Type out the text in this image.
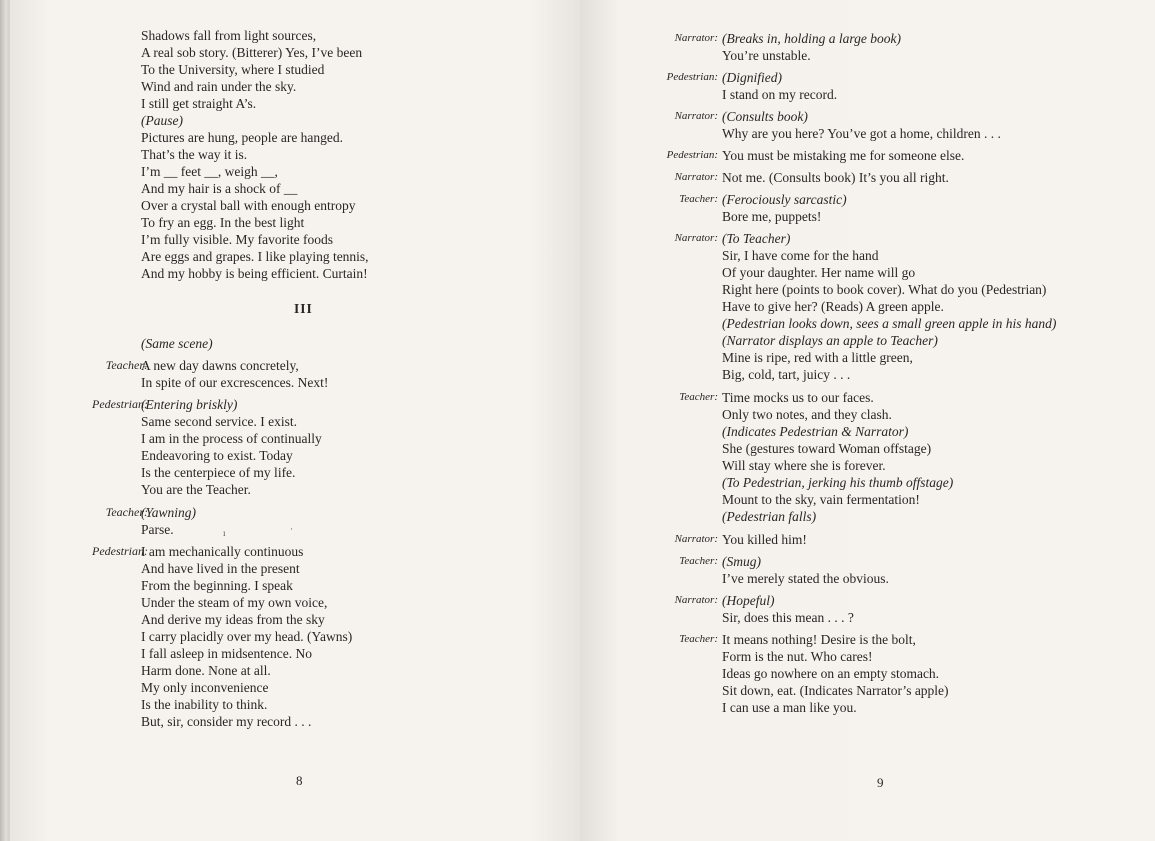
Shadows fall from light sources,
A real sob story. (Bitterer) Yes, I’ve been
To the University, where I studied
Wind and rain under the sky.
I still get straight A’s.
(Pause)
Pictures are hung, people are hanged.
That’s the way it is.
I’m __ feet __, weigh __,
And my hair is a shock of __
Over a crystal ball with enough entropy
To fry an egg. In the best light
I’m fully visible. My favorite foods
Are eggs and grapes. I like playing tennis,
And my hobby is being efficient. Curtain!
III
(Same scene)
Teacher:
A new day dawns concretely,
In spite of our excrescences. Next!
Pedestrian:
(Entering briskly)
Same second service. I exist.
I am in the process of continually
Endeavoring to exist. Today
Is the centerpiece of my life.
You are the Teacher.
Teacher:
(Yawning)
Parse.	ı	·
Pedestrian:
I am mechanically continuous
And have lived in the present
From the beginning. I speak
Under the steam of my own voice,
And derive my ideas from the sky
I carry placidly over my head. (Yawns)
I fall asleep in midsentence. No
Harm done. None at all.
My only inconvenience
Is the inability to think.
But, sir, consider my record . . .
8
Narrator: (Breaks in, holding a large book)
You’re unstable.
Pedestrian: (Dignified)
I stand on my record.
Narrator: (Consults book)
Why are you here? You’ve got a home, children . . .
Pedestrian: You must be mistaking me for someone else.
Narrator: Not me. (Consults book) It’s you all right.
Teacher: (Ferociously sarcastic)
Bore me, puppets!
Narrator: (To Teacher)
Sir, I have come for the hand
Of your daughter. Her name will go
Right here (points to book cover). What do you (Pedestrian)
Have to give her? (Reads) A green apple.
(Pedestrian looks down, sees a small green apple in his hand)
(Narrator displays an apple to Teacher)
Mine is ripe, red with a little green,
Big, cold, tart, juicy . . .
Teacher: Time mocks us to our faces.
Only two notes, and they clash.
(Indicates Pedestrian & Narrator)
She (gestures toward Woman offstage)
Will stay where she is forever.
(To Pedestrian, jerking his thumb offstage)
Mount to the sky, vain fermentation!
(Pedestrian falls)
Narrator: You killed him!
Teacher: (Smug)
I’ve merely stated the obvious.
Narrator: (Hopeful)
Sir, does this mean . . . ?
Teacher: It means nothing! Desire is the bolt,
Form is the nut. Who cares!
Ideas go nowhere on an empty stomach.
Sit down, eat. (Indicates Narrator’s apple)
I can use a man like you.
9
